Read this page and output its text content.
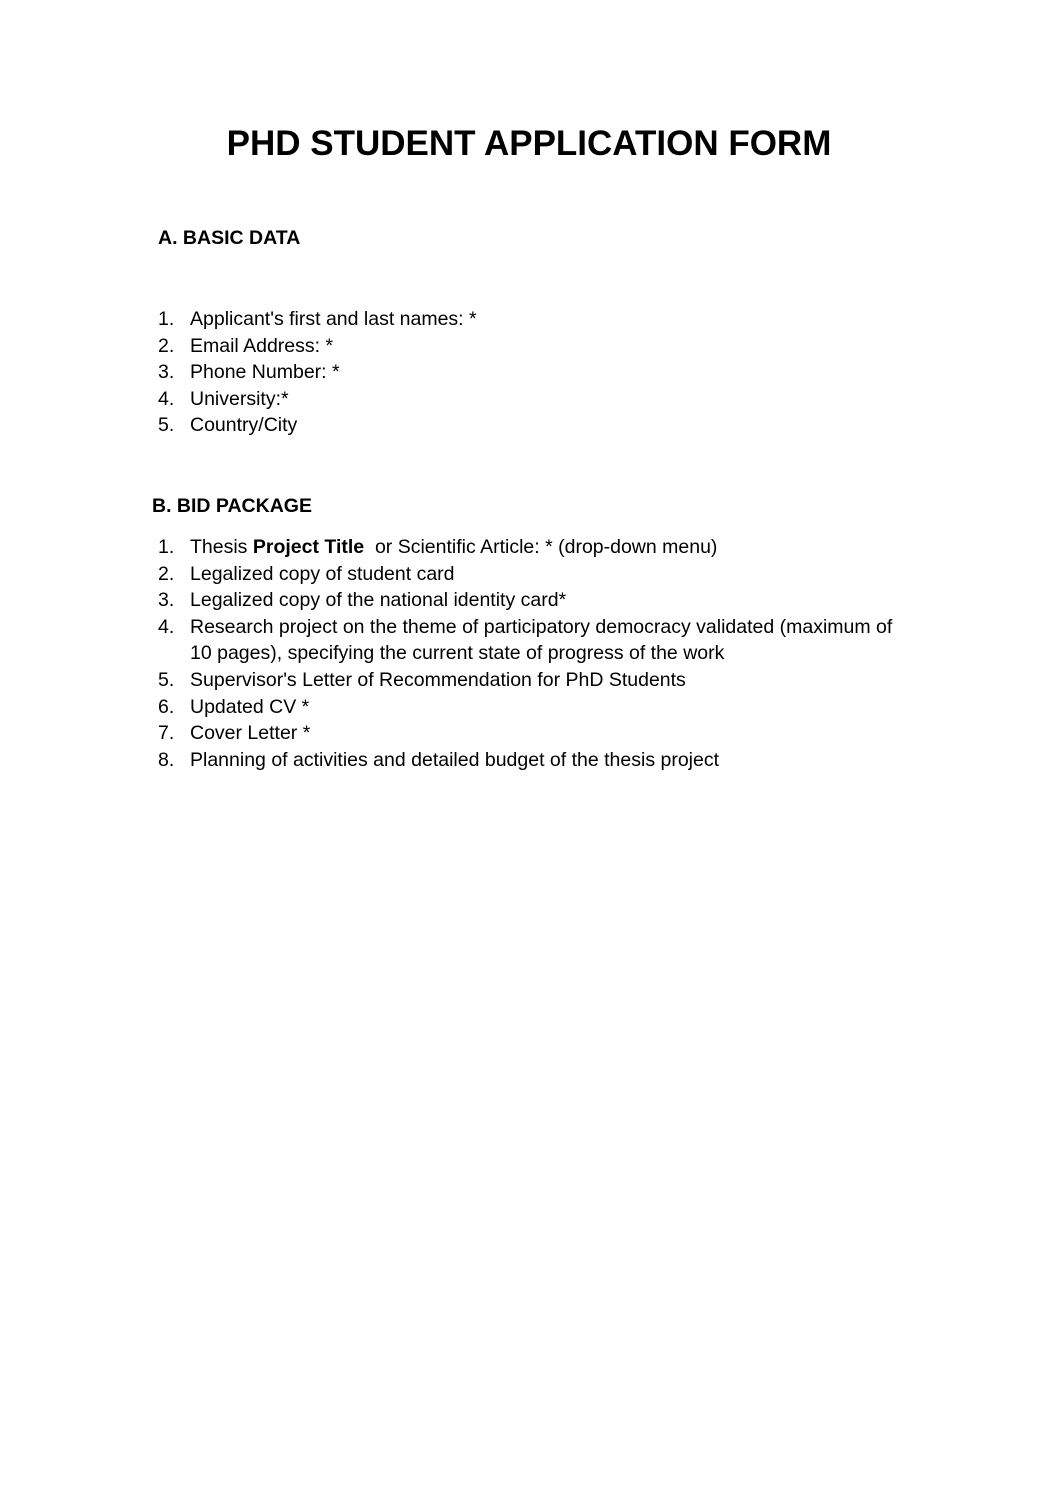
PHD STUDENT APPLICATION FORM
A. BASIC DATA
1. Applicant's first and last names: *
2. Email Address: *
3. Phone Number: *
4. University:*
5. Country/City
B. BID PACKAGE
1. Thesis Project Title  or Scientific Article: * (drop-down menu)
2. Legalized copy of student card
3. Legalized copy of the national identity card*
4. Research project on the theme of participatory democracy validated (maximum of 10 pages), specifying the current state of progress of the work
5. Supervisor's Letter of Recommendation for PhD Students
6. Updated CV *
7. Cover Letter *
8. Planning of activities and detailed budget of the thesis project
